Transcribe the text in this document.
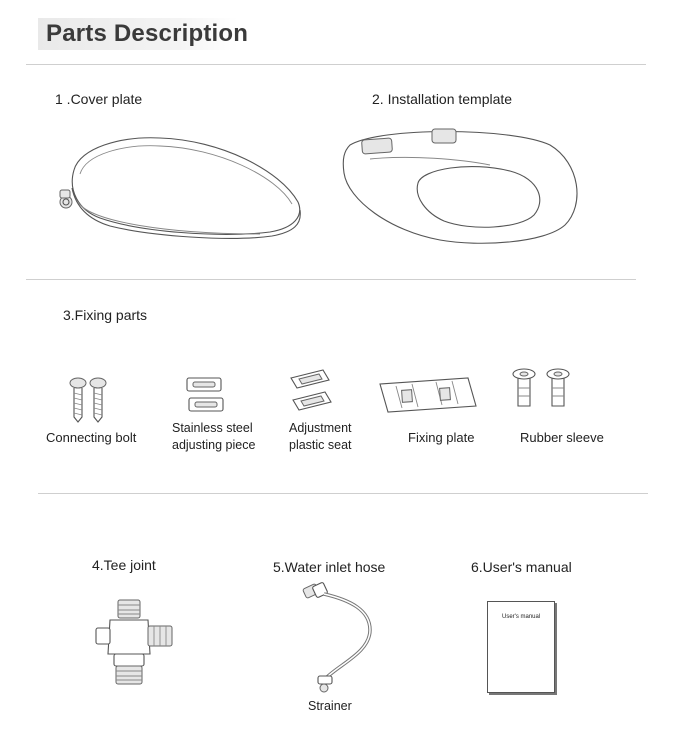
Parts Description
1 .Cover plate	2. Installation template
3.Fixing parts
Connecting bolt
Stainless steel
adjusting piece
Adjustment
plastic seat	Fixing plate	Rubber sleeve
4.Tee joint	5.Water inlet hose	6.User's manual
Strainer
User's manual
